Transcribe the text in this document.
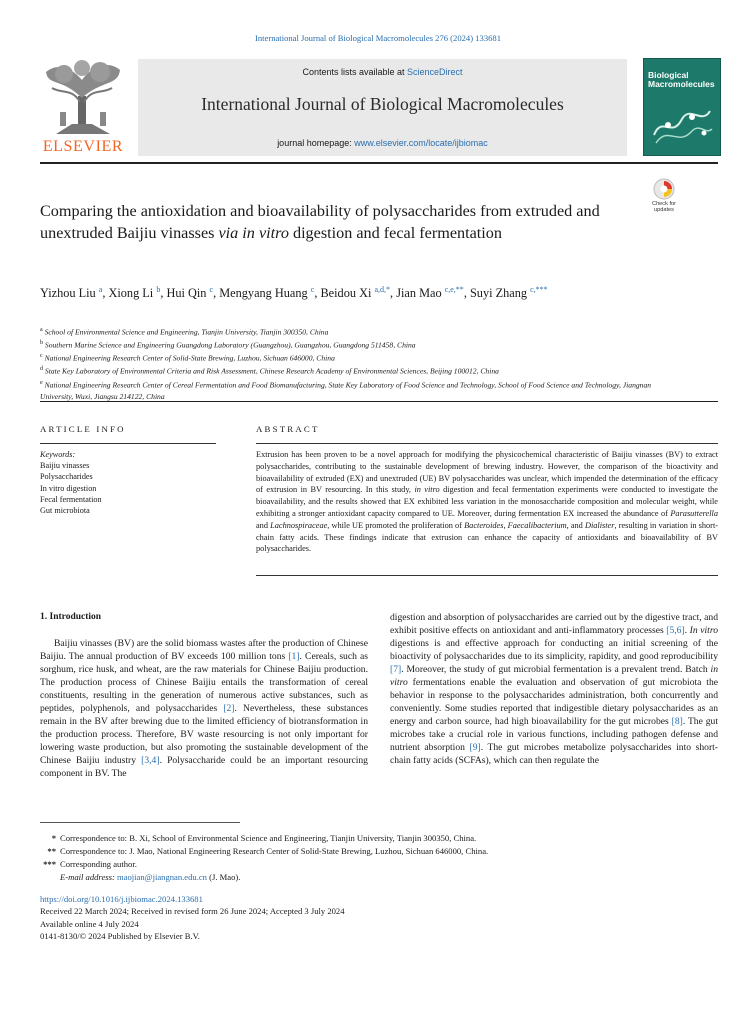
International Journal of Biological Macromolecules 276 (2024) 133681
ELSEVIER
Contents lists available at ScienceDirect
International Journal of Biological Macromolecules
journal homepage: www.elsevier.com/locate/ijbiomac
Biological Macromolecules
Check for updates
Comparing the antioxidation and bioavailability of polysaccharides from extruded and unextruded Baijiu vinasses via in vitro digestion and fecal fermentation
Yizhou Liu $^a$, Xiong Li $^b$, Hui Qin $^c$, Mengyang Huang $^c$, Beidou Xi $^{a,d,*}$, Jian Mao $^{c,e,**}$, Suyi Zhang $^{c,***}$
$^a$ School of Environmental Science and Engineering, Tianjin University, Tianjin 300350, China
$^b$ Southern Marine Science and Engineering Guangdong Laboratory (Guangzhou), Guangzhou, Guangdong 511458, China
$^c$ National Engineering Research Center of Solid-State Brewing, Luzhou, Sichuan 646000, China
$^d$ State Key Laboratory of Environmental Criteria and Risk Assessment, Chinese Research Academy of Environmental Sciences, Beijing 100012, China
$^e$ National Engineering Research Center of Cereal Fermentation and Food Biomanufacturing, State Key Laboratory of Food Science and Technology, School of Food Science and Technology, Jiangnan University, Wuxi, Jiangsu 214122, China
ARTICLE INFO	ABSTRACT
Keywords:
Baijiu vinasses
Polysaccharides
In vitro digestion
Fecal fermentation
Gut microbiota
Extrusion has been proven to be a novel approach for modifying the physicochemical characteristic of Baijiu vinasses (BV) to extract polysaccharides, contributing to the sustainable development of brewing industry. However, the comparison of the bioactivity and bioavailability of extruded (EX) and unextruded (UE) BV polysaccharides was unclear, which impended the determination of the efficacy of extrusion in BV resourcing. In this study, in vitro digestion and fecal fermentation experiments were conducted to investigate the bioavailability, and the results showed that EX exhibited less variation in the monosaccharide composition and molecular weight, while exhibiting a stronger antioxidant capacity compared to UE. Moreover, during fermentation EX increased the abundance of Parasutterella and Lachnospiraceae, while UE promoted the proliferation of Bacteroides, Faecalibacterium, and Dialister, resulting in variation in short-chain fatty acids. These findings indicate that extrusion can enhance the capacity of antioxidants and bioavailability of BV polysaccharides.
1. Introduction
Baijiu vinasses (BV) are the solid biomass wastes after the production of Chinese Baijiu. The annual production of BV exceeds 100 million tons [1]. Cereals, such as sorghum, rice husk, and wheat, are the raw materials for Chinese Baijiu production. The production process of Chinese Baijiu entails the transformation of cereal constituents, resulting in the generation of numerous active substances, such as peptides, polyphenols, and polysaccharides [2]. Nevertheless, these substances remain in the BV after brewing due to the limited efficiency of biotransformation in the production process. Therefore, BV waste resourcing is not only important for lowering waste production, but also promoting the sustainable development of the Chinese Baijiu industry [3,4]. Polysaccharide could be an important resourcing component in BV. The
digestion and absorption of polysaccharides are carried out by the digestive tract, and exhibit positive effects on antioxidant and anti-inflammatory processes [5,6]. In vitro digestions is and effective approach for conducting an initial screening of the bioactivity of polysaccharides due to its simplicity, rapidity, and good reproducibility [7]. Moreover, the study of gut microbial fermentation is a prevalent trend. Batch in vitro fermentations enable the evaluation and observation of gut microbiota the behavior in response to the polysaccharides administration, both concurrently and conveniently. Some studies reported that indigestible dietary polysaccharides as an energy and carbon source, had high bioavailability for the gut microbes [8]. The gut microbes take a crucial role in various functions, including pathogen defense and nutrient absorption [9]. The gut microbes metabolize polysaccharides into short-chain fatty acids (SCFAs), which can then regulate the
* Correspondence to: B. Xi, School of Environmental Science and Engineering, Tianjin University, Tianjin 300350, China.
** Correspondence to: J. Mao, National Engineering Research Center of Solid-State Brewing, Luzhou, Sichuan 646000, China.
*** Corresponding author.
E-mail address: maojian@jiangnan.edu.cn (J. Mao).
https://doi.org/10.1016/j.ijbiomac.2024.133681
Received 22 March 2024; Received in revised form 26 June 2024; Accepted 3 July 2024
Available online 4 July 2024
0141-8130/© 2024 Published by Elsevier B.V.
